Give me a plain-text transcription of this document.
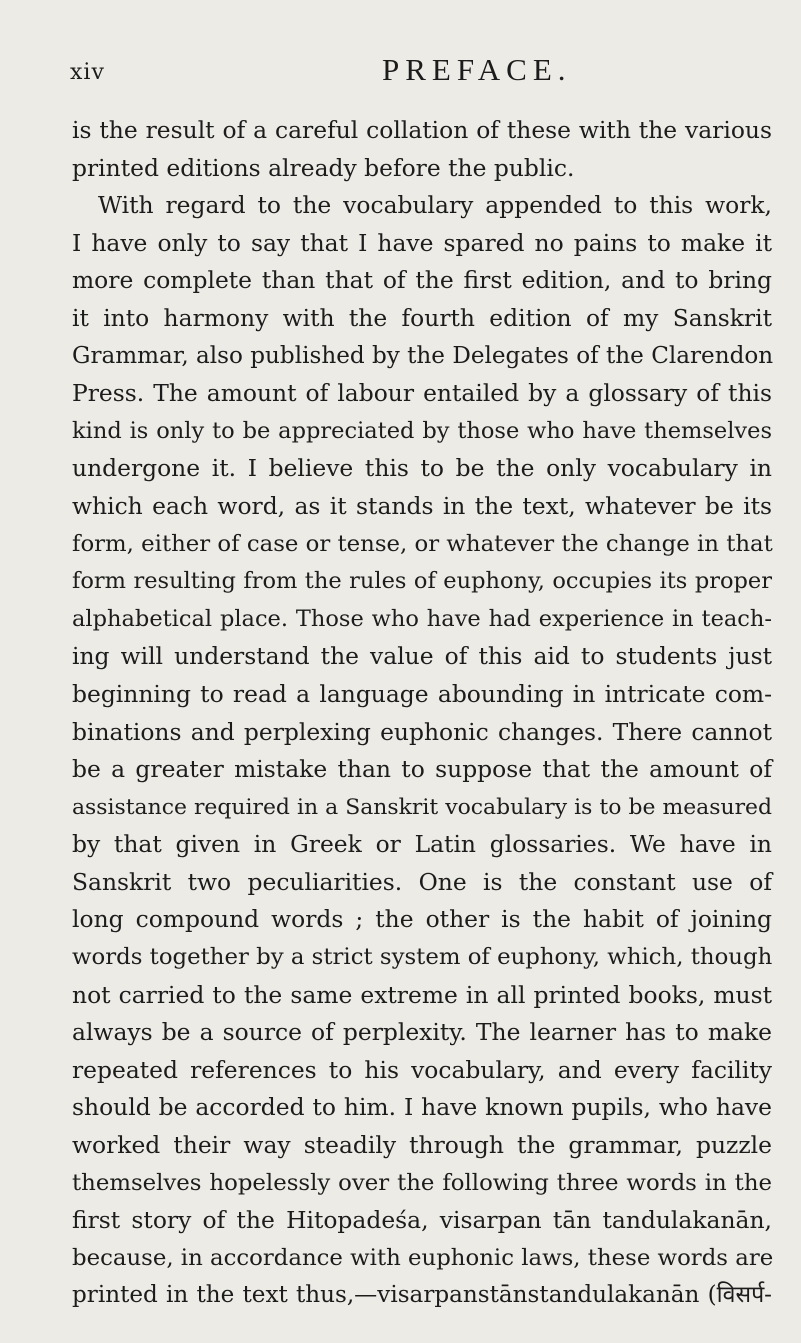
xiv	PREFACE.
is the result of a careful collation of these with the various
printed editions already before the public.
With regard to the vocabulary appended to this work,
I have only to say that I have spared no pains to make it
more complete than that of the first edition, and to bring
it into harmony with the fourth edition of my Sanskrit
Grammar, also published by the Delegates of the Clarendon
Press. The amount of labour entailed by a glossary of this
kind is only to be appreciated by those who have themselves
undergone it. I believe this to be the only vocabulary in
which each word, as it stands in the text, whatever be its
form, either of case or tense, or whatever the change in that
form resulting from the rules of euphony, occupies its proper
alphabetical place. Those who have had experience in teach-
ing will understand the value of this aid to students just
beginning to read a language abounding in intricate com-
binations and perplexing euphonic changes. There cannot
be a greater mistake than to suppose that the amount of
assistance required in a Sanskrit vocabulary is to be measured
by that given in Greek or Latin glossaries. We have in
Sanskrit two peculiarities. One is the constant use of
long compound words ; the other is the habit of joining
words together by a strict system of euphony, which, though
not carried to the same extreme in all printed books, must
always be a source of perplexity. The learner has to make
repeated references to his vocabulary, and every facility
should be accorded to him. I have known pupils, who have
worked their way steadily through the grammar, puzzle
themselves hopelessly over the following three words in the
first story of the Hitopadeśa, visarpan tān tandulakanān,
because, in accordance with euphonic laws, these words are
printed in the text thus,—visarpanstānstandulakanān (विसर्प-
